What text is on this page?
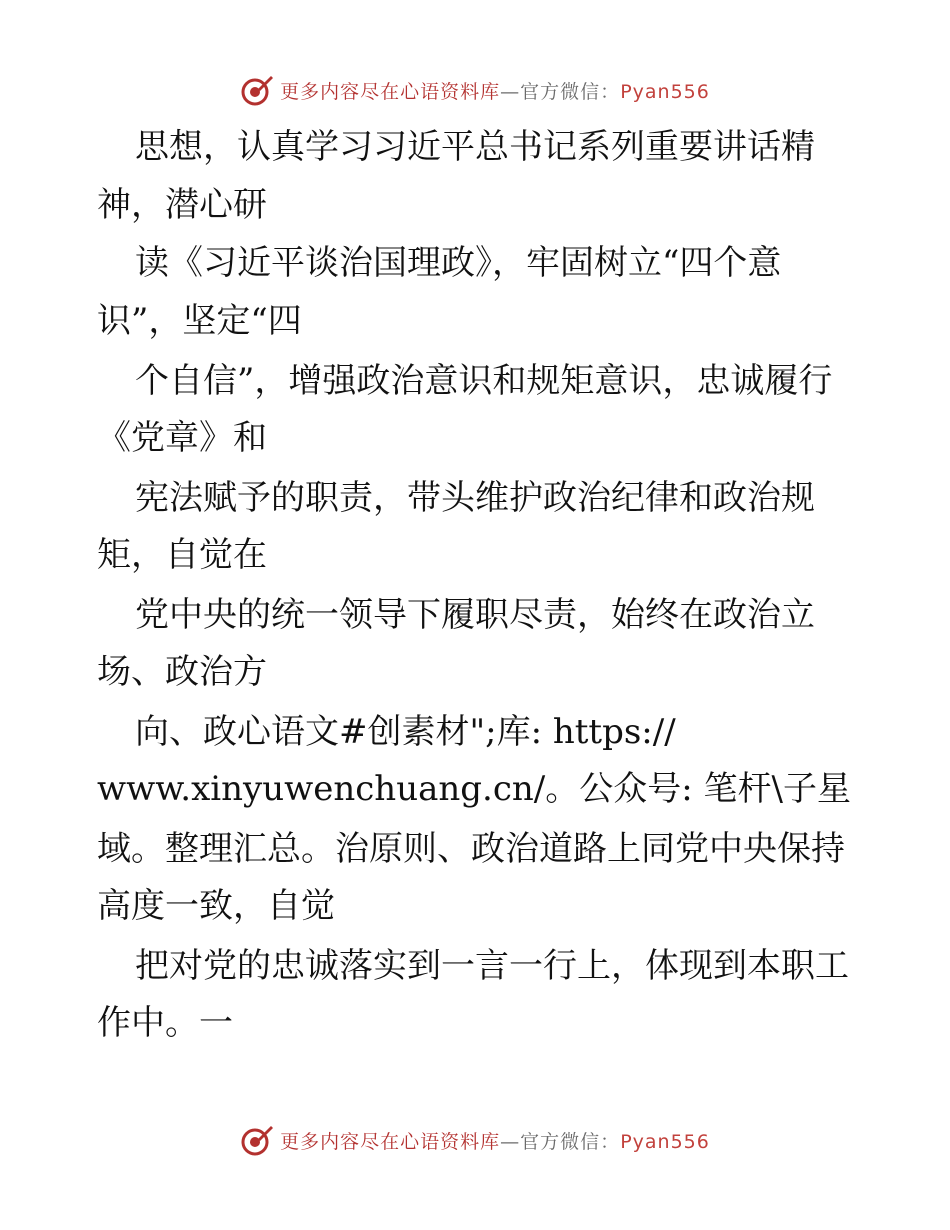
更多内容尽在心语资料库—官方微信：Pyan556
思想，认真学习习近平总书记系列重要讲话精
神，潜心研
读《习近平谈治国理政》，牢固树立“四个意
识”，坚定“四
个自信”，增强政治意识和规矩意识，忠诚履行
《党章》和
宪法赋予的职责，带头维护政治纪律和政治规
矩，自觉在
党中央的统一领导下履职尽责，始终在政治立
场、政治方
向、政心语文#创素材";库: https://
www.xinyuwenchuang.cn/。公众号: 笔杆\子星
域。整理汇总。治原则、政治道路上同党中央保持
高度一致，自觉
把对党的忠诚落实到一言一行上，体现到本职工
作中。一
更多内容尽在心语资料库—官方微信：Pyan556
